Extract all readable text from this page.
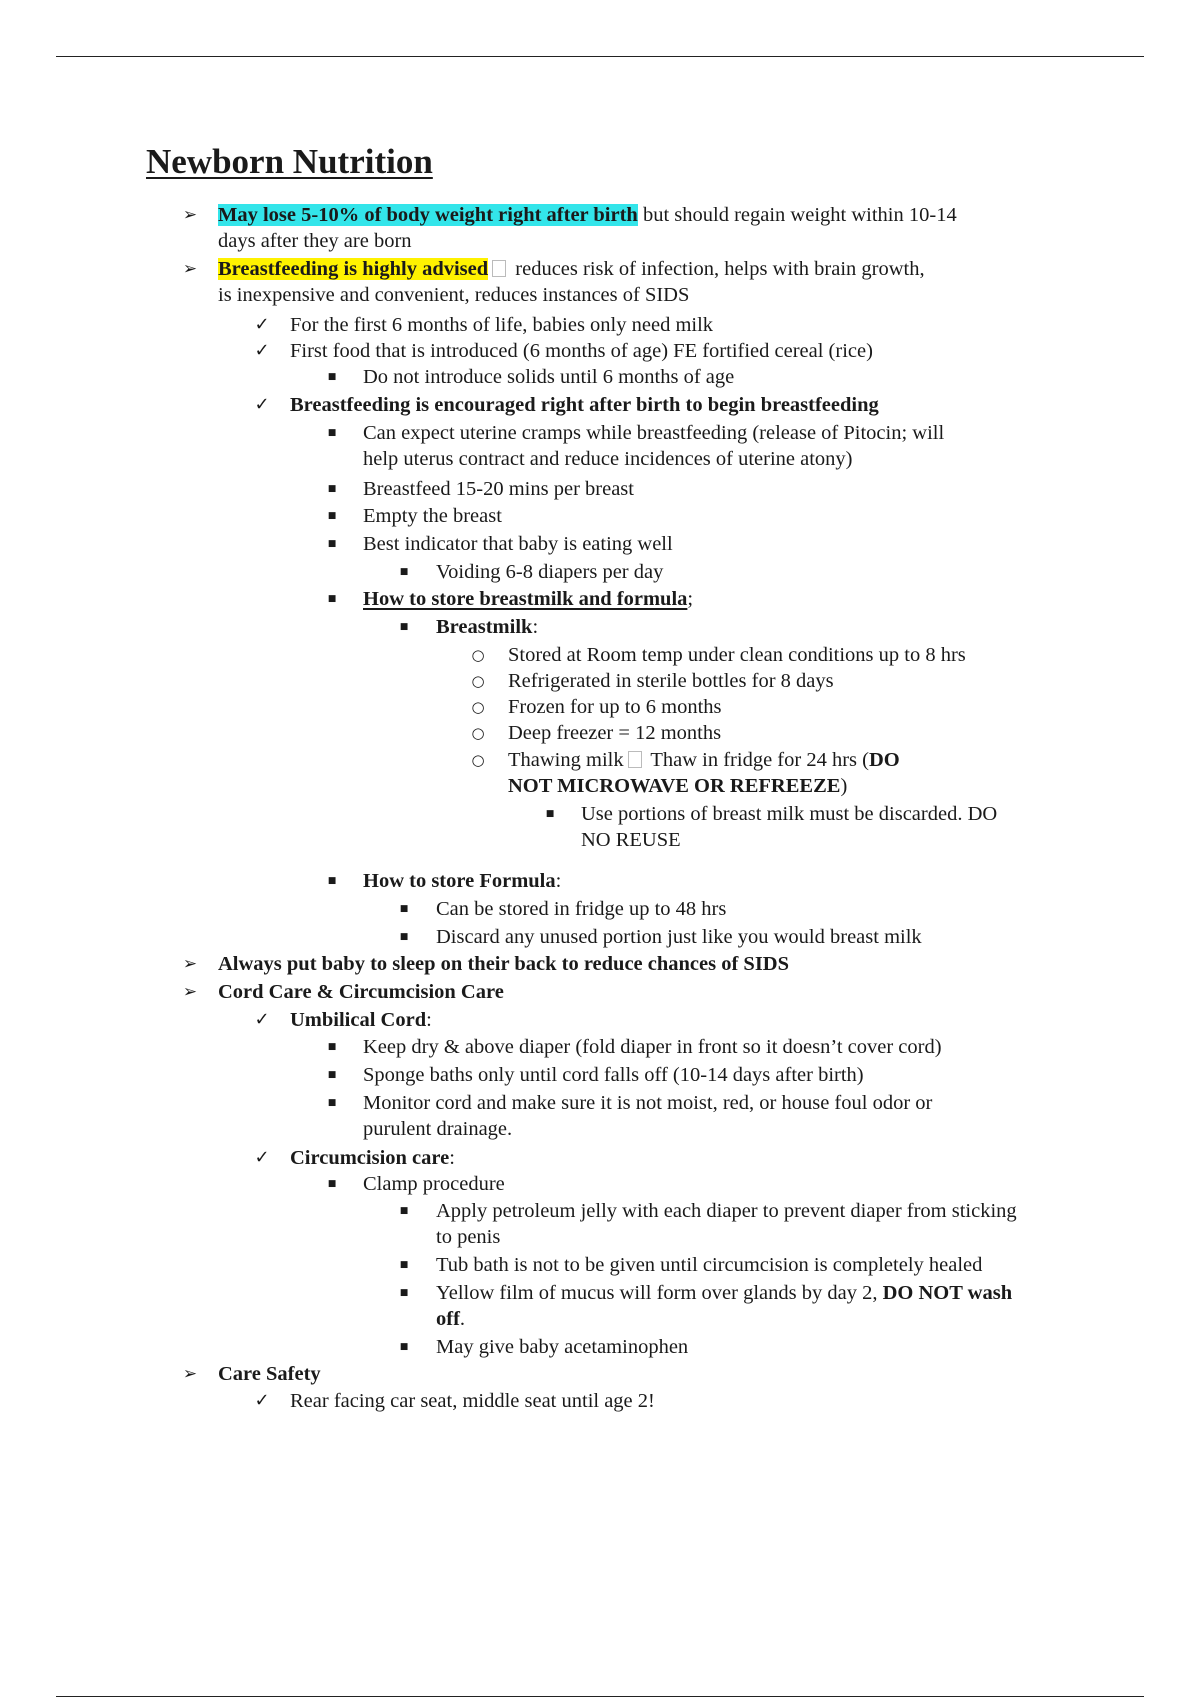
Newborn Nutrition
➢ May lose 5-10% of body weight right after birth but should regain weight within 10-14

days after they are born

➢ Breastfeeding is highly advised reduces risk of infection, helps with brain growth,

is inexpensive and convenient, reduces instances of SIDS

✓ For the first 6 months of life, babies only need milk

✓ First food that is introduced (6 months of age) FE fortified cereal (rice)

■ Do not introduce solids until 6 months of age

✓ Breastfeeding is encouraged right after birth to begin breastfeeding

■ Can expect uterine cramps while breastfeeding (release of Pitocin; will

help uterus contract and reduce incidences of uterine atony)

■ Breastfeed 15-20 mins per breast

■ Empty the breast

■ Best indicator that baby is eating well

■ Voiding 6-8 diapers per day

■ How to store breastmilk and formula;

■ Breastmilk:

○ Stored at Room temp under clean conditions up to 8 hrs

○ Refrigerated in sterile bottles for 8 days

○ Frozen for up to 6 months

○ Deep freezer = 12 months

○ Thawing milk Thaw in fridge for 24 hrs (DO

NOT MICROWAVE OR REFREEZE)

■ Use portions of breast milk must be discarded. DO

NO REUSE

■ How to store Formula:

■ Can be stored in fridge up to 48 hrs

■ Discard any unused portion just like you would breast milk

➢ Always put baby to sleep on their back to reduce chances of SIDS

➢ Cord Care & Circumcision Care

✓ Umbilical Cord:

■ Keep dry & above diaper (fold diaper in front so it doesn’t cover cord)

■ Sponge baths only until cord falls off (10-14 days after birth)

■ Monitor cord and make sure it is not moist, red, or house foul odor or

purulent drainage.

✓ Circumcision care:

■ Clamp procedure

■ Apply petroleum jelly with each diaper to prevent diaper from sticking

to penis

■ Tub bath is not to be given until circumcision is completely healed

■ Yellow film of mucus will form over glands by day 2, DO NOT wash

off.

■ May give baby acetaminophen

➢ Care Safety

✓ Rear facing car seat, middle seat until age 2!
